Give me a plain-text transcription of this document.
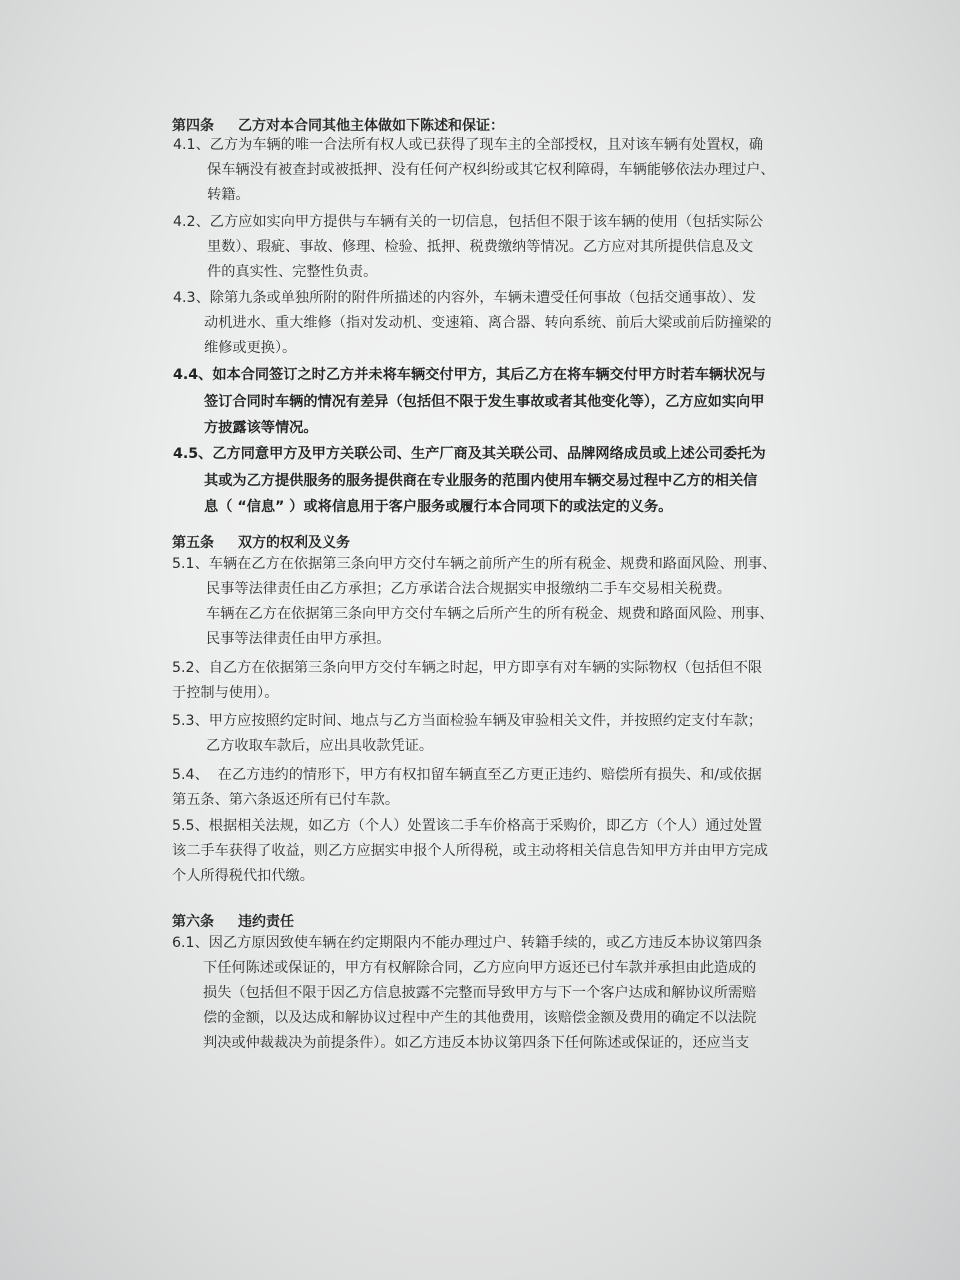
第四条 乙方对本合同其他主体做如下陈述和保证：
4.1、乙方为车辆的唯一合法所有权人或已获得了现车主的全部授权，且对该车辆有处置权，确
保车辆没有被查封或被抵押、没有任何产权纠纷或其它权利障碍，车辆能够依法办理过户、
转籍。
4.2、乙方应如实向甲方提供与车辆有关的一切信息，包括但不限于该车辆的使用（包括实际公
里数）、瑕疵、事故、修理、检验、抵押、税费缴纳等情况。乙方应对其所提供信息及文
件的真实性、完整性负责。
4.3、除第九条或单独所附的附件所描述的内容外，车辆未遭受任何事故（包括交通事故）、发
动机进水、重大维修（指对发动机、变速箱、离合器、转向系统、前后大梁或前后防撞梁的
维修或更换）。
4.4、如本合同签订之时乙方并未将车辆交付甲方，其后乙方在将车辆交付甲方时若车辆状况与
签订合同时车辆的情况有差异（包括但不限于发生事故或者其他变化等），乙方应如实向甲
方披露该等情况。
4.5、乙方同意甲方及甲方关联公司、生产厂商及其关联公司、品牌网络成员或上述公司委托为
其或为乙方提供服务的服务提供商在专业服务的范围内使用车辆交易过程中乙方的相关信
息（ “信息” ）或将信息用于客户服务或履行本合同项下的或法定的义务。
第五条 双方的权利及义务
5.1、车辆在乙方在依据第三条向甲方交付车辆之前所产生的所有税金、规费和路面风险、刑事、
民事等法律责任由乙方承担；乙方承诺合法合规据实申报缴纳二手车交易相关税费。
车辆在乙方在依据第三条向甲方交付车辆之后所产生的所有税金、规费和路面风险、刑事、
民事等法律责任由甲方承担。
5.2、自乙方在依据第三条向甲方交付车辆之时起，甲方即享有对车辆的实际物权（包括但不限
于控制与使用）。
5.3、甲方应按照约定时间、地点与乙方当面检验车辆及审验相关文件，并按照约定支付车款；
乙方收取车款后，应出具收款凭证。
5.4、  在乙方违约的情形下，甲方有权扣留车辆直至乙方更正违约、赔偿所有损失、和/或依据
第五条、第六条返还所有已付车款。
5.5、根据相关法规，如乙方（个人）处置该二手车价格高于采购价，即乙方（个人）通过处置
该二手车获得了收益，则乙方应据实申报个人所得税，或主动将相关信息告知甲方并由甲方完成
个人所得税代扣代缴。
第六条 违约责任
6.1、因乙方原因致使车辆在约定期限内不能办理过户、转籍手续的，或乙方违反本协议第四条
下任何陈述或保证的，甲方有权解除合同，乙方应向甲方返还已付车款并承担由此造成的
损失（包括但不限于因乙方信息披露不完整而导致甲方与下一个客户达成和解协议所需赔
偿的金额，以及达成和解协议过程中产生的其他费用，该赔偿金额及费用的确定不以法院
判决或仲裁裁决为前提条件）。如乙方违反本协议第四条下任何陈述或保证的，还应当支
